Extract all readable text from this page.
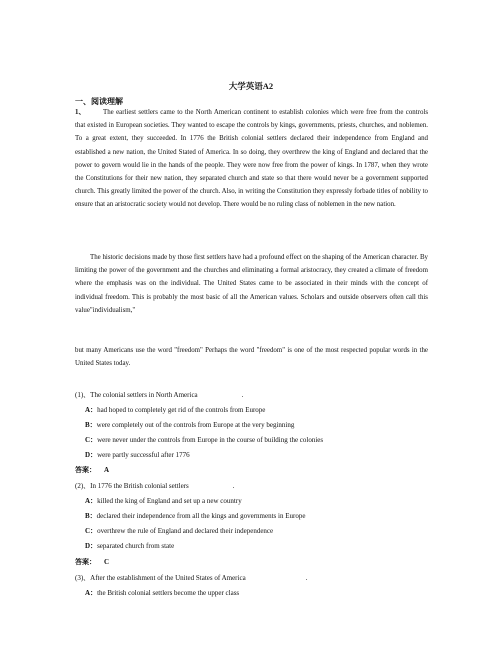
大学英语A2
一、阅读理解
1、	The earliest settlers came to the North American continent to establish colonies which were free from the controls that existed in European societies. They wanted to escape the controls by kings, governments, priests, churches, and noblemen. To a great extent, they succeeded. In 1776 the British colonial settlers declared their independence from England and established a new nation, the United Stated of America. In so doing, they overthrew the king of England and declared that the power to govern would lie in the hands of the people. They were now free from the power of kings. In 1787, when they wrote the Constitutions for their new nation, they separated church and state so that there would never be a government supported church. This greatly limited the power of the church. Also, in writing the Constitution they expressly forbade titles of nobility to ensure that an aristocratic society would not develop. There would be no ruling class of noblemen in the new nation.
The historic decisions made by those first settlers have had a profound effect on the shaping of the American character. By limiting the power of the government and the churches and eliminating a formal aristocracy, they created a climate of freedom where the emphasis was on the individual. The United States came to be associated in their minds with the concept of individual freedom. This is probably the most basic of all the American values. Scholars and outside observers often call this value"individualism,"
but many Americans use the word "freedom" Perhaps the word "freedom" is one of the most respected popular words in the United States today.
(1)、The colonial settlers in North America	.
A：had hoped to completely get rid of the controls from Europe
B：were completely out of the controls from Europe at the very beginning
C：were never under the controls from Europe in the course of building the colonies
D：were partly successful after 1776
答案： A
(2)、In 1776 the British colonial settlers	.
A：killed the king of England and set up a new country
B：declared their independence from all the kings and governments in Europe
C：overthrew the rule of England and declared their independence
D：separated church from state
答案： C
(3)、After the establishment of the United States of America	.
A：the British colonial settlers become the upper class
